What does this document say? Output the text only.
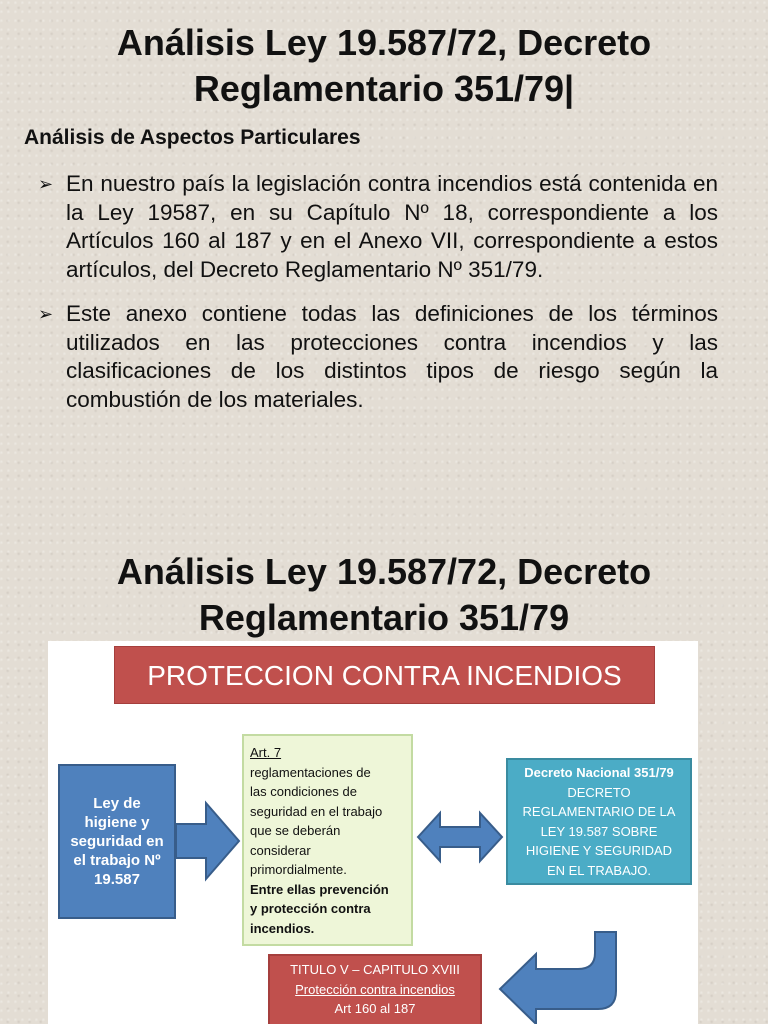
Análisis Ley 19.587/72, Decreto
Reglamentario 351/79|

Análisis de Aspectos Particulares

➢ En nuestro país la legislación contra incendios está contenida en la Ley 19587, en su Capítulo Nº 18, correspondiente a los Artículos 160 al 187 y en el Anexo VII, correspondiente a estos artículos, del Decreto Reglamentario Nº 351/79.
➢ Este anexo contiene todas las definiciones de los términos utilizados en las protecciones contra incendios y las clasificaciones de los distintos tipos de riesgo según la combustión de los materiales.
Análisis Ley 19.587/72, Decreto
Reglamentario 351/79
PROTECCION CONTRA INCENDIOS
Ley de
higiene y
seguridad en
el trabajo Nº
19.587
Art. 7
reglamentaciones de
las condiciones de
seguridad en el trabajo
que se deberán
considerar
primordialmente.
Entre ellas prevención
y protección contra
incendios.
Decreto Nacional 351/79
DECRETO
REGLAMENTARIO DE LA
LEY 19.587 SOBRE
HIGIENE Y SEGURIDAD
EN EL TRABAJO.
TITULO V – CAPITULO XVIII

Protección contra incendios
Art 160 al 187
